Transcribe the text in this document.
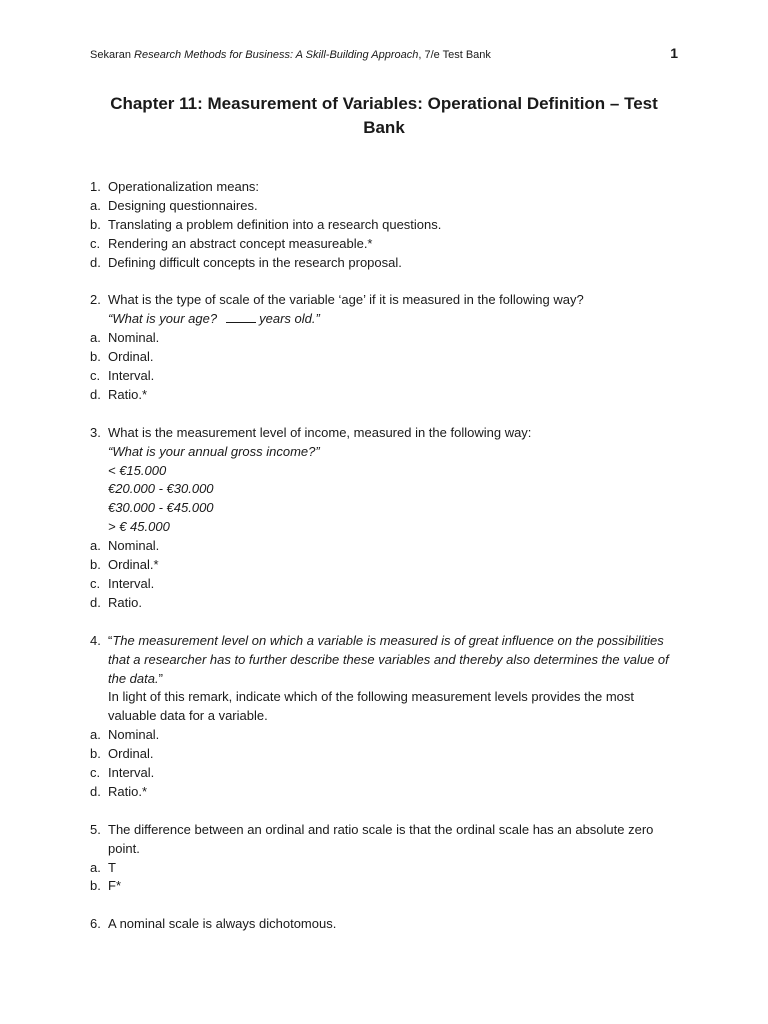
Sekaran Research Methods for Business: A Skill-Building Approach, 7/e Test Bank	1
Chapter 11: Measurement of Variables: Operational Definition – Test Bank
1. Operationalization means:
a. Designing questionnaires.
b. Translating a problem definition into a research questions.
c. Rendering an abstract concept measureable.*
d. Defining difficult concepts in the research proposal.
2. What is the type of scale of the variable ‘age’ if it is measured in the following way?
“What is your age?	years old.”
a. Nominal.
b. Ordinal.
c. Interval.
d. Ratio.*
3. What is the measurement level of income, measured in the following way:
“What is your annual gross income?”
< €15.000
€20.000 - €30.000
€30.000 - €45.000
> € 45.000
a. Nominal.
b. Ordinal.*
c. Interval.
d. Ratio.
4. “The measurement level on which a variable is measured is of great influence on the possibilities that a researcher has to further describe these variables and thereby also determines the value of the data.”
In light of this remark, indicate which of the following measurement levels provides the most valuable data for a variable.
a. Nominal.
b. Ordinal.
c. Interval.
d. Ratio.*
5. The difference between an ordinal and ratio scale is that the ordinal scale has an absolute zero point.
a. T
b. F*
6. A nominal scale is always dichotomous.
